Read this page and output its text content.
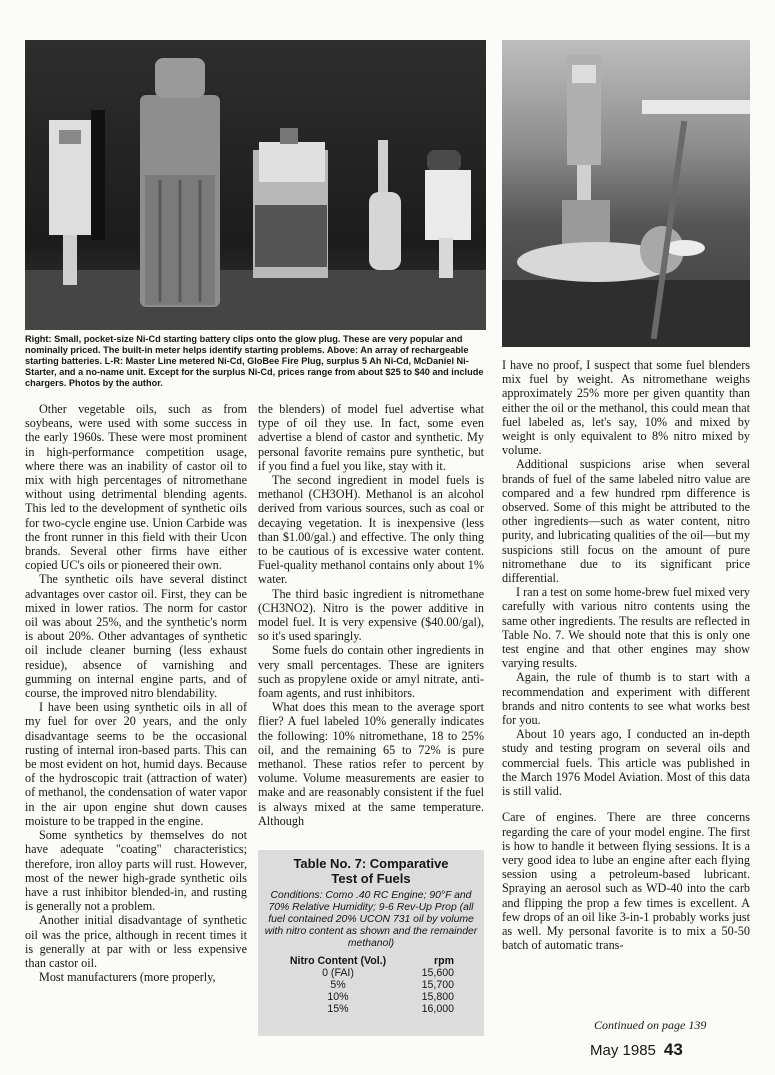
Right: Small, pocket-size Ni-Cd starting battery clips onto the glow plug. These are very popular and nominally priced. The built-in meter helps identify starting problems. Above: An array of rechargeable starting batteries. L-R: Master Line metered Ni-Cd, GloBee Fire Plug, surplus 5 Ah Ni-Cd, McDaniel Ni-Starter, and a no-name unit. Except for the surplus Ni-Cd, prices range from about $25 to $40 and include chargers. Photos by the author.

Other vegetable oils, such as from soybeans, were used with some success in the early 1960s. These were most prominent in high-performance competition usage, where there was an inability of castor oil to mix with high percentages of nitromethane without using detrimental blending agents. This led to the development of synthetic oils for two-cycle engine use. Union Carbide was the front runner in this field with their Ucon brands. Several other firms have either copied UC's oils or pioneered their own.

The synthetic oils have several distinct advantages over castor oil. First, they can be mixed in lower ratios. The norm for castor oil was about 25%, and the synthetic's norm is about 20%. Other advantages of synthetic oil include cleaner burning (less exhaust residue), absence of varnishing and gumming on internal engine parts, and of course, the improved nitro blendability.

I have been using synthetic oils in all of my fuel for over 20 years, and the only disadvantage seems to be the occasional rusting of internal iron-based parts. This can be most evident on hot, humid days. Because of the hydroscopic trait (attraction of water) of methanol, the condensation of water vapor in the air upon engine shut down causes moisture to be trapped in the engine.

Some synthetics by themselves do not have adequate "coating" characteristics; therefore, iron alloy parts will rust. However, most of the newer high-grade synthetic oils have a rust inhibitor blended-in, and rusting is generally not a problem.

Another initial disadvantage of synthetic oil was the price, although in recent times it is generally at par with or less expensive than castor oil.

Most manufacturers (more properly,

the blenders) of model fuel advertise what type of oil they use. In fact, some even advertise a blend of castor and synthetic. My personal favorite remains pure synthetic, but if you find a fuel you like, stay with it.

The second ingredient in model fuels is methanol (CH3OH). Methanol is an alcohol derived from various sources, such as coal or decaying vegetation. It is inexpensive (less than $1.00/gal.) and effective. The only thing to be cautious of is excessive water content. Fuel-quality methanol contains only about 1% water.

The third basic ingredient is nitromethane (CH3NO2). Nitro is the power additive in model fuel. It is very expensive ($40.00/gal), so it's used sparingly.

Some fuels do contain other ingredients in very small percentages. These are igniters such as propylene oxide or amyl nitrate, anti-foam agents, and rust inhibitors.

What does this mean to the average sport flier? A fuel labeled 10% generally indicates the following: 10% nitromethane, 18 to 25% oil, and the remaining 65 to 72% is pure methanol. These ratios refer to percent by volume. Volume measurements are easier to make and are reasonably consistent if the fuel is always mixed at the same temperature. Although

Table No. 7: Comparative
Test of Fuels
Conditions: Como .40 RC Engine; 90°F and 70% Relative Humidity; 9-6 Rev-Up Prop (all fuel contained 20% UCON 731 oil by volume with nitro content as shown and the remainder methanol)
Nitro Content (Vol.)	rpm
0 (FAI)	15,600
5%	15,700
10%	15,800
15%	16,000

I have no proof, I suspect that some fuel blenders mix fuel by weight. As nitromethane weighs approximately 25% more per given quantity than either the oil or the methanol, this could mean that fuel labeled as, let's say, 10% and mixed by weight is only equivalent to 8% nitro mixed by volume.

Additional suspicions arise when several brands of fuel of the same labeled nitro value are compared and a few hundred rpm difference is observed. Some of this might be attributed to the other ingredients—such as water content, nitro purity, and lubricating qualities of the oil—but my suspicions still focus on the amount of pure nitromethane due to its significant price differential.

I ran a test on some home-brew fuel mixed very carefully with various nitro contents using the same other ingredients. The results are reflected in Table No. 7. We should note that this is only one test engine and that other engines may show varying results.

Again, the rule of thumb is to start with a recommendation and experiment with different brands and nitro contents to see what works best for you.

About 10 years ago, I conducted an in-depth study and testing program on several oils and commercial fuels. This article was published in the March 1976 Model Aviation. Most of this data is still valid.

Care of engines. There are three concerns regarding the care of your model engine. The first is how to handle it between flying sessions. It is a very good idea to lube an engine after each flying session using a petroleum-based lubricant. Spraying an aerosol such as WD-40 into the carb and flipping the prop a few times is excellent. A few drops of an oil like 3-in-1 probably works just as well. My personal favorite is to mix a 50-50 batch of automatic trans-

Continued on page 139
May 1985 43
